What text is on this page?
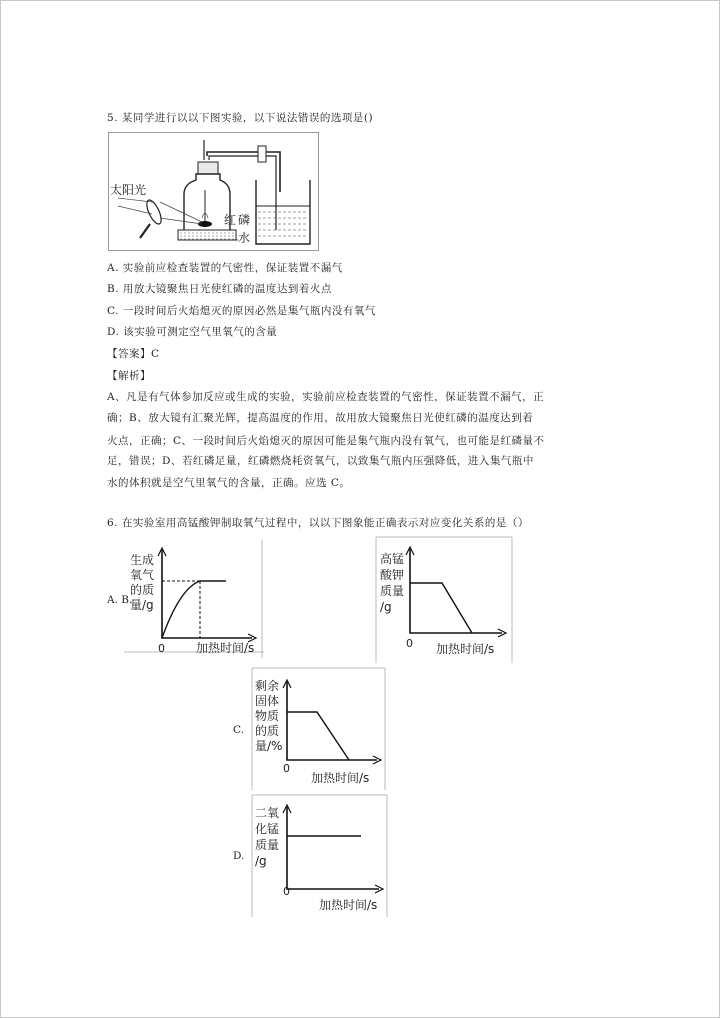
5. 某同学进行以以下图实验，以下说法错误的选项是()
太阳光
红 磷
水
A. 实验前应检查装置的气密性，保证装置不漏气
B. 用放大镜聚焦日光使红磷的温度达到着火点
C. 一段时间后火焰熄灭的原因必然是集气瓶内没有氧气
D. 该实验可测定空气里氧气的含量
【答案】C
【解析】
A、凡是有气体参加反应或生成的实验，实验前应检查装置的气密性，保证装置不漏气，正
确；B、放大镜有汇聚光辉，提高温度的作用，故用放大镜聚焦日光使红磷的温度达到着
火点，正确；C、一段时间后火焰熄灭的原因可能是集气瓶内没有氧气，也可能是红磷量不
足，错误；D、若红磷足量，红磷燃烧耗资氧气，以致集气瓶内压强降低，进入集气瓶中
水的体积就是空气里氧气的含量，正确。应选 C。
6. 在实验室用高锰酸钾制取氧气过程中，以以下图象能正确表示对应变化关系的是（）
A. B.
C.
D.
生成
氧气
的质
量/g
0	加热时间/s
高锰
酸钾
质量
/g
0 加热时间/s
剩余
固体
物质
的质
量/%
0
加热时间/s
二氧
化锰
质量
/g
0
加热时间/s
